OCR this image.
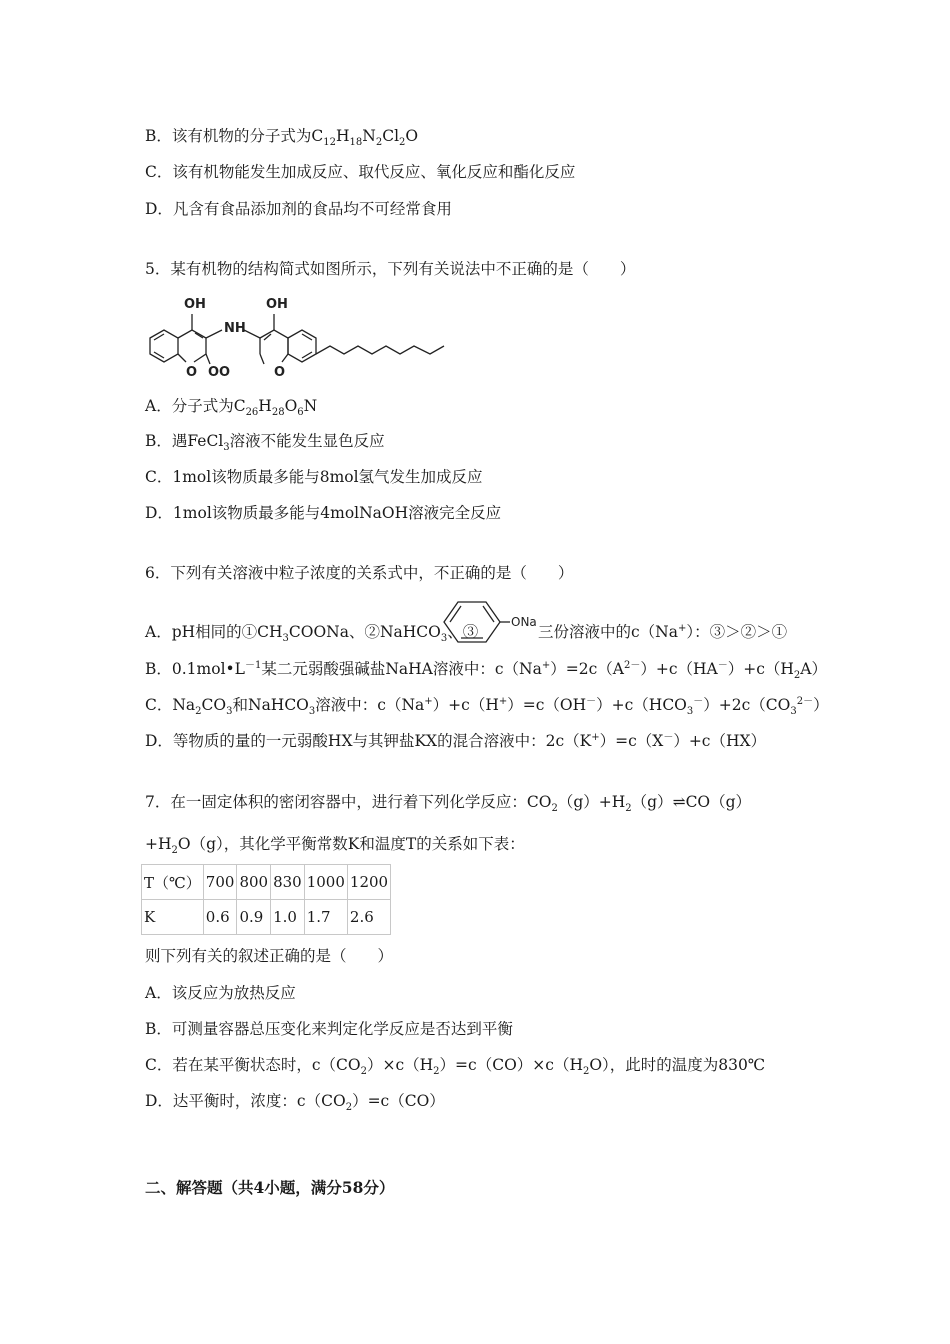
B．该有机物的分子式为$C_{12}H_{18}N_2Cl_2O$
C．该有机物能发生加成反应、取代反应、氧化反应和酯化反应
D．凡含有食品添加剂的食品均不可经常食用
5．某有机物的结构简式如图所示，下列有关说法中不正确的是（　　）
OH	OH
NH
O OO	O
A．分子式为$C_{26}H_{28}O_6N$
B．遇FeCl$_3$溶液不能发生显色反应
C．1mol该物质最多能与8mol氢气发生加成反应
D．1mol该物质最多能与4molNaOH溶液完全反应
6．下列有关溶液中粒子浓度的关系式中，不正确的是（　　）
A．pH相同的$①CH_3COONa$、②NaHCO$_3$、③
ONa
三份溶液中的c（Na+）：③＞②＞①
B．$0.1mol•L^{-1}$某二元弱酸强碱盐NaHA溶液中：$c(Na^+)=2c(A^{2-})+c(HA^-)+c(H_2A)$
C．$Na_2CO_3$和NaHCO$_3$溶液中：$c(Na^+)+c(H^+)=c(OH^-)+c(HCO_3^-)+2c(CO_3^{2-})$
D．等物质的量的一元弱酸HX与其钾盐KX的混合溶液中：2c（K+）=c（X－）+c（HX）
7．在一固定体积的密闭容器中，进行着下列化学反应：$CO_2(g)+H_2(g)\rightleftharpoons CO(g)$
$+H_2O(g)$，其化学平衡常数K和温度T的关系如下表：
T（℃）	700	800	830	1000	1200
K	0.6	0.9	1.0	1.7	2.6
则下列有关的叙述正确的是（　　）
A．该反应为放热反应
B．可测量容器总压变化来判定化学反应是否达到平衡
C．若在某平衡状态时，$c(CO_2)\times c(H_2)=c(CO)\times c(H_2O)$，此时的温度为830℃
D．达平衡时，浓度：$c(CO_2)=c(CO)$
二、解答题（共4小题，满分58分）
